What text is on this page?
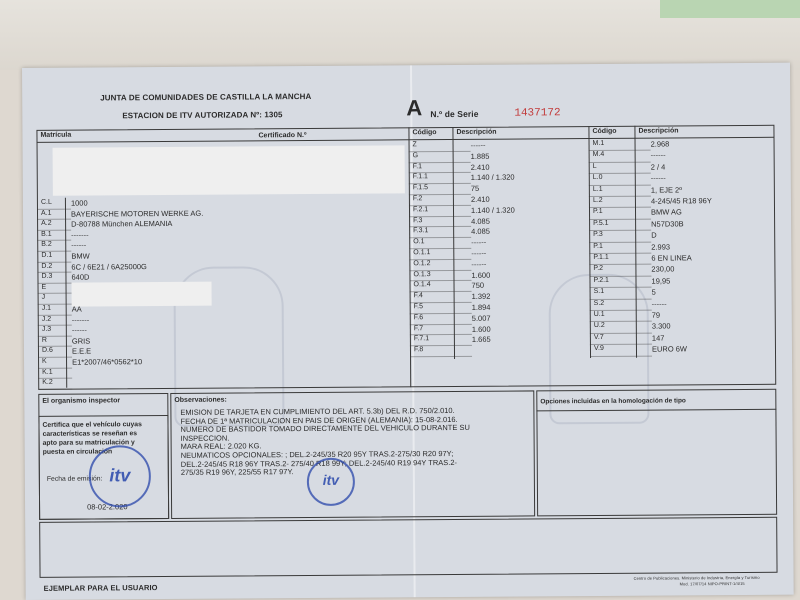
JUNTA DE COMUNIDADES DE CASTILLA LA MANCHA
ESTACION DE ITV AUTORIZADA Nº: 1305	A N.º de Serie	1437172
Matrícula	Certificado N.º
C.L	1000
A.1	BAYERISCHE MOTOREN WERKE AG.
A.2	D-80788 München ALEMANIA
B.1	-------
B.2	------
D.1	BMW
D.2	6C / 6E21 / 6A25000G
D.3	640D
E
J
J.1	AA
J.2	-------
J.3	------
R	GRIS
D.6	E.E.E
K	E1*2007/46*0562*10
K.1
K.2
Código	Descripción
Z	------
G	1.885
F.1	2.410
F.1.1	1.140 / 1.320
F.1.5	75
F.2	2.410
F.2.1	1.140 / 1.320
F.3	4.085
F.3.1	4.085
O.1	------
O.1.1	------
O.1.2	------
O.1.3	1.600
O.1.4	750
F.4	1.392
F.5	1.894
F.6	5.007
F.7	1.600
F.7.1	1.665
F.8
Código	Descripción
M.1	2.968
M.4	------
L	2 / 4
L.0	------
L.1	1, EJE 2º
L.2	4-245/45 R18 96Y
P.1	BMW AG
P.5.1	N57D30B
P.3	D
P.1	2.993
P.1.1	6 EN LINEA
P.2	230,00
P.2.1	19,95
S.1	5
S.2	------
U.1	79
U.2	3.300
V.7	147
V.9	EURO 6W
El organismo inspector
Certifica que el vehículo cuyas
características se reseñan es
apto para su matriculación y
puesta en circulación
Fecha de emisión:
08-02-2.020
Observaciones:
EMISION DE TARJETA EN CUMPLIMIENTO DEL ART. 5.3b) DEL R.D. 750/2.010.
FECHA DE 1ª MATRICULACION EN PAIS DE ORIGEN (ALEMANIA): 15-08-2.016.
NUMERO DE BASTIDOR TOMADO DIRECTAMENTE DEL VEHICULO DURANTE SU
INSPECCION.
MARA REAL: 2.020 KG.
NEUMATICOS OPCIONALES: ; DEL.2-245/35 R20 95Y TRAS.2-275/30 R20 97Y;
DEL.2-245/45 R18 96Y TRAS.2- 275/40 R18 99Y; DEL.2-245/40 R19 94Y TRAS.2-
275/35 R19 96Y, 225/55 R17 97Y.
Opciones incluidas en la homologación de tipo
itv	itv
EJEMPLAR PARA EL USUARIO
Centro de Publicaciones. Ministerio de Industria, Energía y Turismo
Mod. 17/07/14 NIPO-PRINT-1/4/15
